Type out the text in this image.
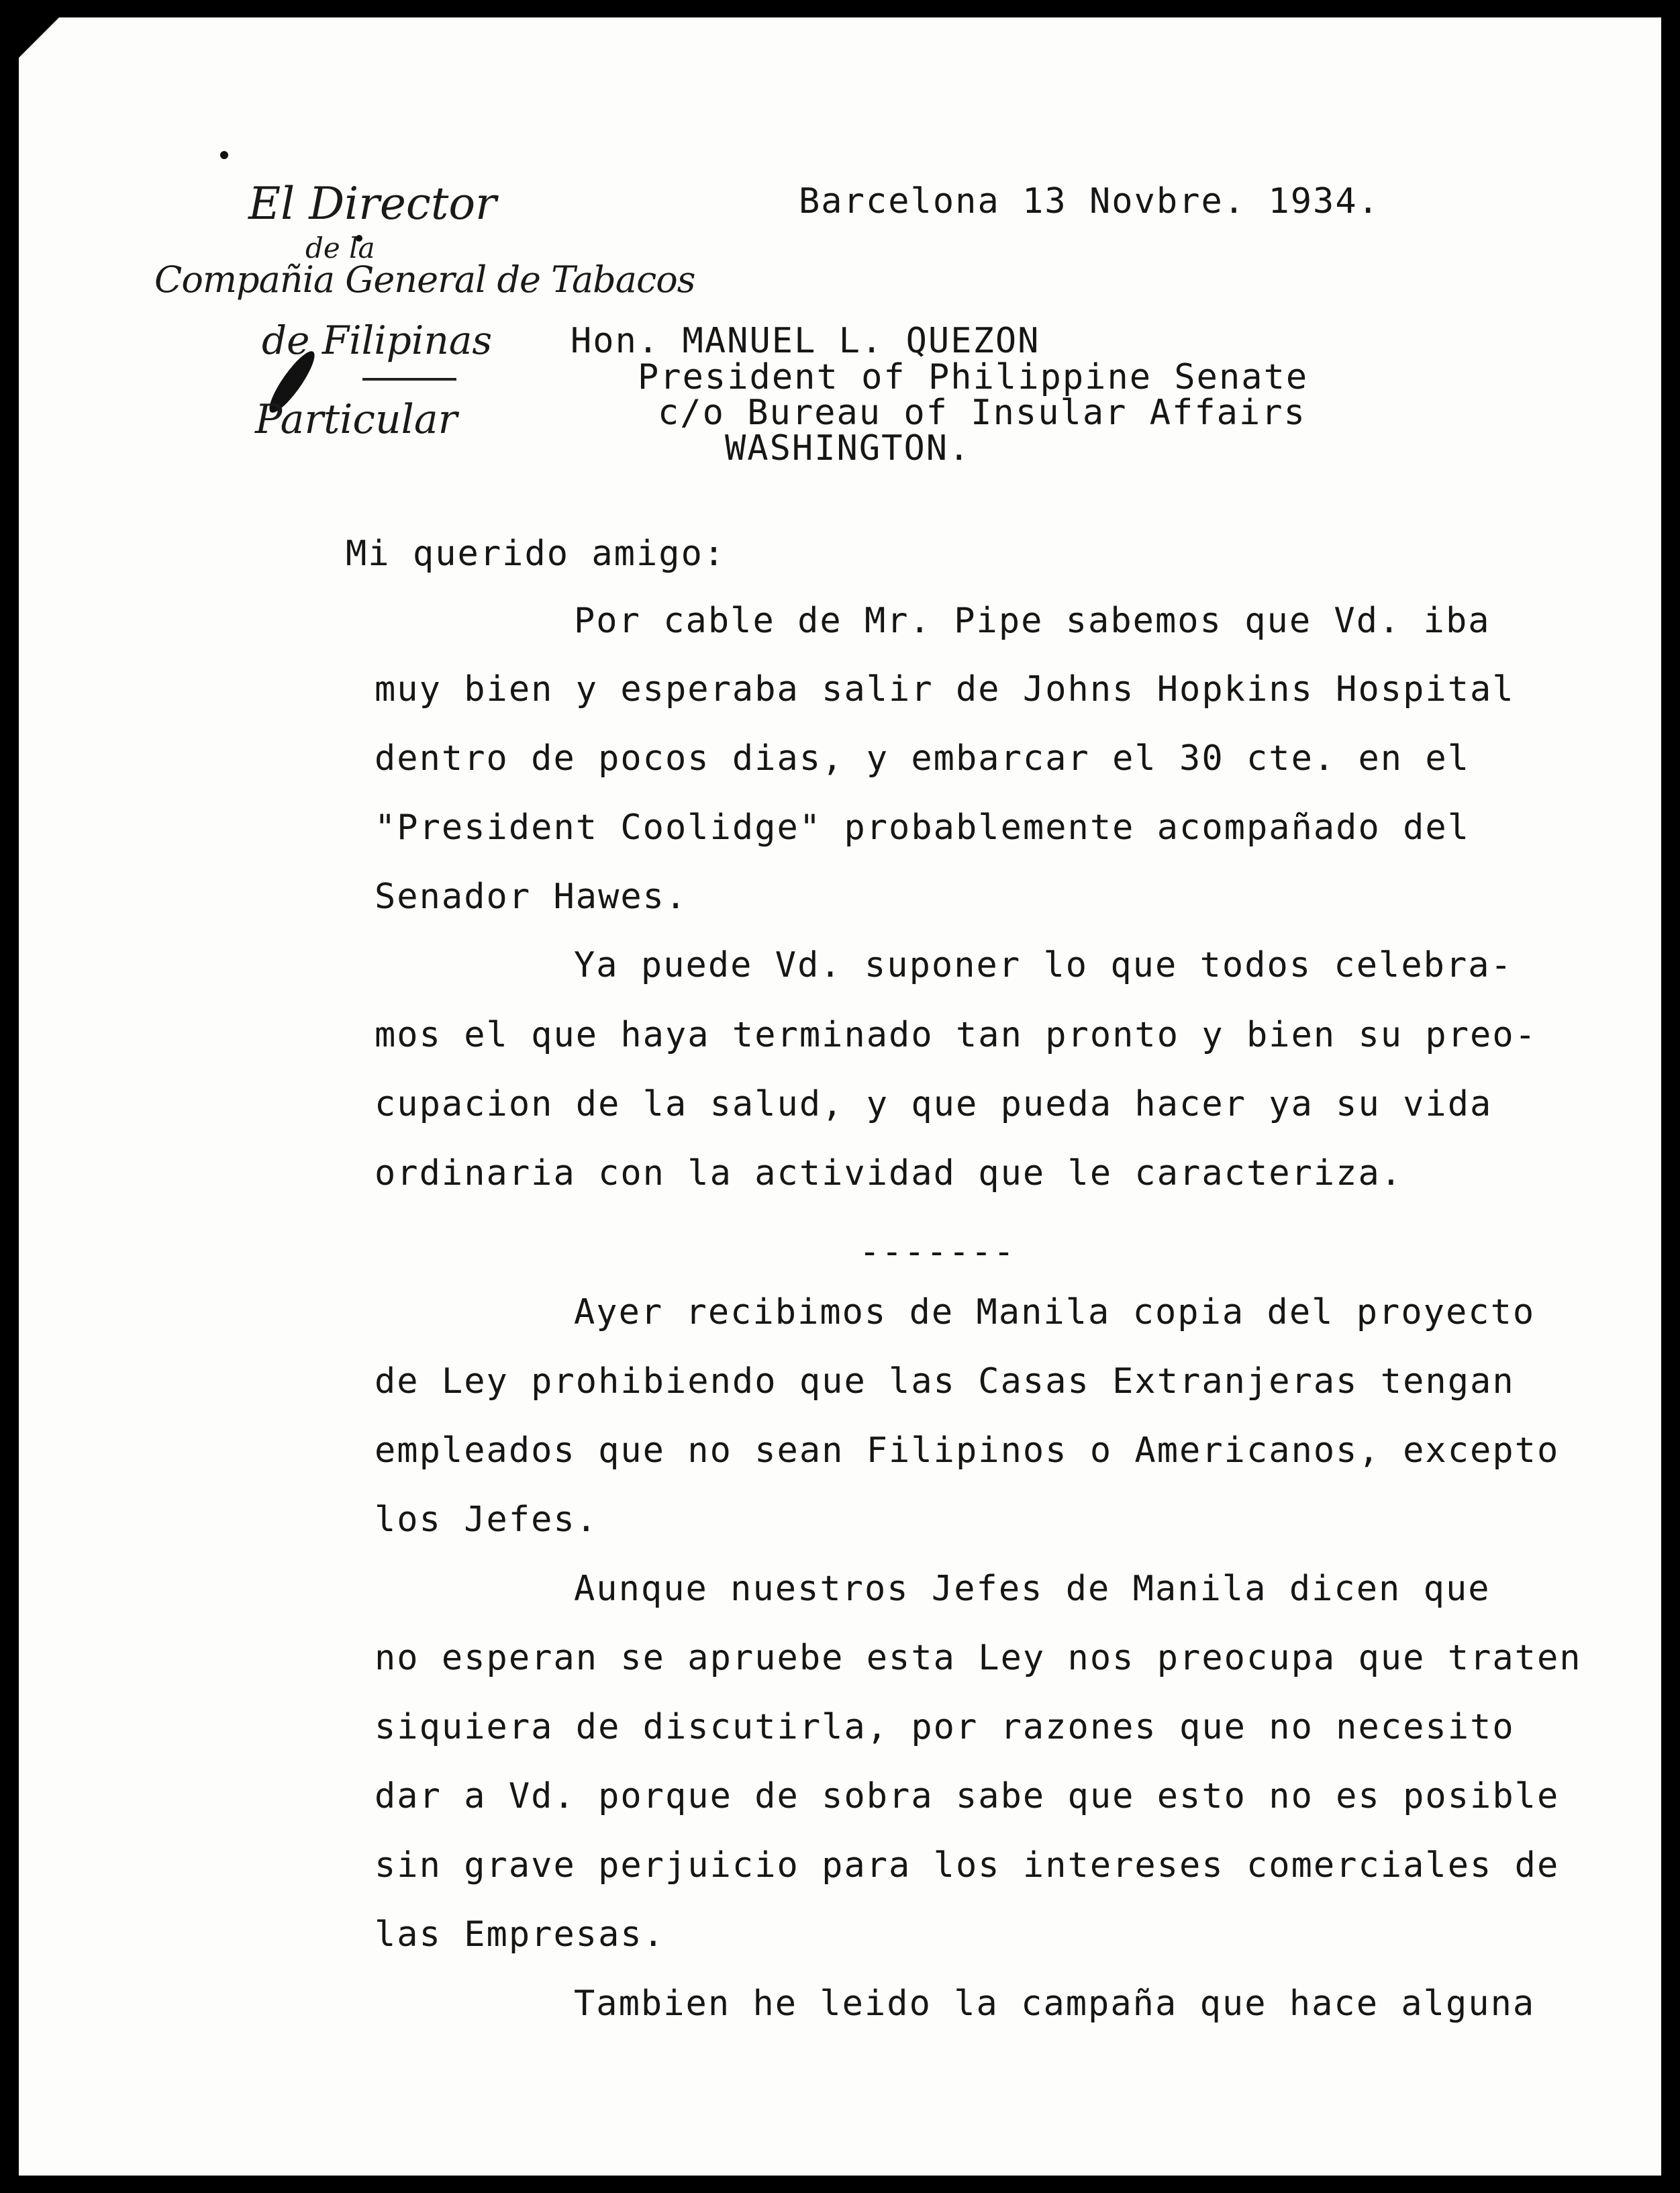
El Director
de la
Compañia General de Tabacos
de Filipinas
Particular
Barcelona 13 Novbre. 1934.
Hon. MANUEL L. QUEZON
President of Philippine Senate
c/o Bureau of Insular Affairs
WASHINGTON.
Mi querido amigo:
Por cable de Mr. Pipe sabemos que Vd. iba
muy bien y esperaba salir de Johns Hopkins Hospital
dentro de pocos dias, y embarcar el 30 cte. en el
"President Coolidge" probablemente acompañado del
Senador Hawes.
Ya puede Vd. suponer lo que todos celebra-
mos el que haya terminado tan pronto y bien su preo-
cupacion de la salud, y que pueda hacer ya su vida
ordinaria con la actividad que le caracteriza.
-------
Ayer recibimos de Manila copia del proyecto
de Ley prohibiendo que las Casas Extranjeras tengan
empleados que no sean Filipinos o Americanos, excepto
los Jefes.
Aunque nuestros Jefes de Manila dicen que
no esperan se apruebe esta Ley nos preocupa que traten
siquiera de discutirla, por razones que no necesito
dar a Vd. porque de sobra sabe que esto no es posible
sin grave perjuicio para los intereses comerciales de
las Empresas.
Tambien he leido la campaña que hace alguna
